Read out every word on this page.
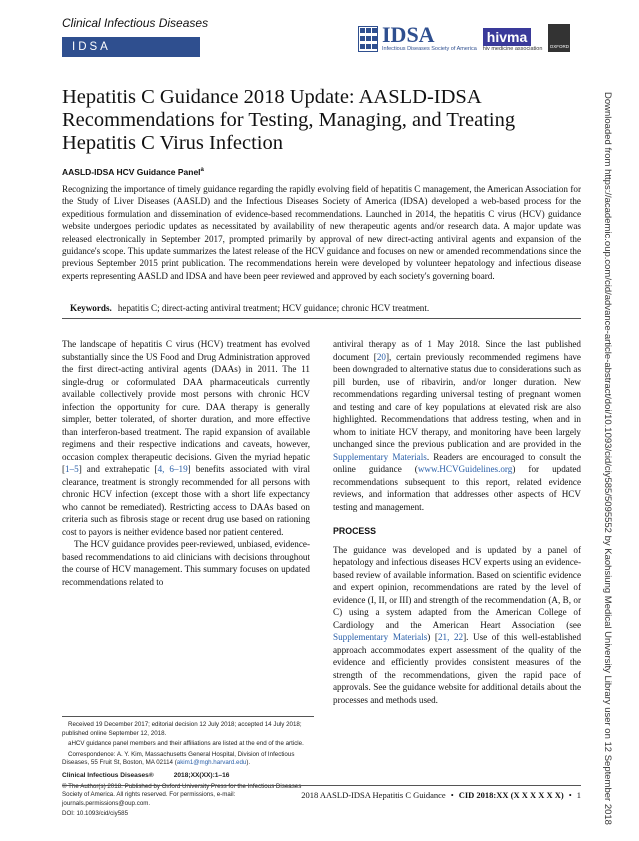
Clinical Infectious Diseases
IDSA FEATURES
IDSA
Infectious Diseases Society of America
hivma
hiv medicine association	OXFORD
Hepatitis C Guidance 2018 Update: AASLD-IDSA Recommendations for Testing, Managing, and Treating Hepatitis C Virus Infection
AASLD-IDSA HCV Guidance Panel$^a$
Recognizing the importance of timely guidance regarding the rapidly evolving field of hepatitis C management, the American Association for the Study of Liver Diseases (AASLD) and the Infectious Diseases Society of America (IDSA) developed a web-based process for the expeditious formulation and dissemination of evidence-based recommendations. Launched in 2014, the hepatitis C virus (HCV) guidance website undergoes periodic updates as necessitated by availability of new therapeutic agents and/or research data. A major update was released electronically in September 2017, prompted primarily by approval of new direct-acting antiviral agents and expansion of the guidance's scope. This update summarizes the latest release of the HCV guidance and focuses on new or amended recommendations since the previous September 2015 print publication. The recommendations herein were developed by volunteer hepatology and infectious disease experts representing AASLD and IDSA and have been peer reviewed and approved by each society's governing board.
Keywords. hepatitis C; direct-acting antiviral treatment; HCV guidance; chronic HCV treatment.

The landscape of hepatitis C virus (HCV) treatment has evolved substantially since the US Food and Drug Administration approved the first direct-acting antiviral agents (DAAs) in 2011. The 11 single-drug or coformulated DAA pharmaceuticals currently available collectively provide most persons with chronic HCV infection the opportunity for cure. DAA therapy is generally simpler, better tolerated, of shorter duration, and more effective than interferon-based treatment. The rapid expansion of available regimens and their respective indications and caveats, however, occasion complex therapeutic decisions. Given the myriad hepatic [1–5] and extrahepatic [4, 6–19] benefits associated with viral clearance, treatment is strongly recommended for all persons with chronic HCV infection (except those with a short life expectancy who cannot be remediated). Restricting access to DAAs based on criteria such as fibrosis stage or recent drug use based on rationing cost to payors is neither evidence based nor patient centered.

The HCV guidance provides peer-reviewed, unbiased, evidence-based recommendations to aid clinicians with decisions throughout the course of HCV management. This summary focuses on updated recommendations related to

antiviral therapy as of 1 May 2018. Since the last published document [20], certain previously recommended regimens have been downgraded to alternative status due to considerations such as pill burden, use of ribavirin, and/or longer duration. New recommendations regarding universal testing of pregnant women and testing and care of key populations at elevated risk are also highlighted. Recommendations that address testing, when and in whom to initiate HCV therapy, and monitoring have been largely unchanged since the previous publication and are provided in the Supplementary Materials. Readers are encouraged to consult the online guidance (www.HCVGuidelines.org) for updated recommendations subsequent to this report, related evidence reviews, and information that addresses other aspects of HCV testing and management.

PROCESS

The guidance was developed and is updated by a panel of hepatology and infectious diseases HCV experts using an evidence-based review of available information. Based on scientific evidence and expert opinion, recommendations are rated by the level of evidence (I, II, or III) and strength of the recommendation (A, B, or C) using a system adapted from the American College of Cardiology and the American Heart Association (see Supplementary Materials) [21, 22]. Use of this well-established approach accommodates expert assessment of the quality of the evidence and efficiently provides consistent measures of the strength of the recommendations, given the rapid pace of approvals. See the guidance website for additional details about the processes and methods used.

Received 19 December 2017; editorial decision 12 July 2018; accepted 14 July 2018; published online September 12, 2018.

aHCV guidance panel members and their affiliations are listed at the end of the article.

Correspondence: A. Y. Kim, Massachusetts General Hospital, Division of Infectious Diseases, 55 Fruit St, Boston, MA 02114 (akim1@mgh.harvard.edu).

Clinical Infectious Diseases®	2018;XX(XX):1–16

© The Author(s) 2018. Published by Oxford University Press for the Infectious Diseases Society of America. All rights reserved. For permissions, e-mail: journals.permissions@oup.com.

DOI: 10.1093/cid/ciy585

2018 AASLD-IDSA Hepatitis C Guidance • CID 2018:XX (X X X X X X) • 1 Downloaded from https://academic.oup.com/cid/advance-article-abstract/doi/10.1093/cid/ciy585/5095552 by Kaohsiung Medical University Library user on 12 September 2018
